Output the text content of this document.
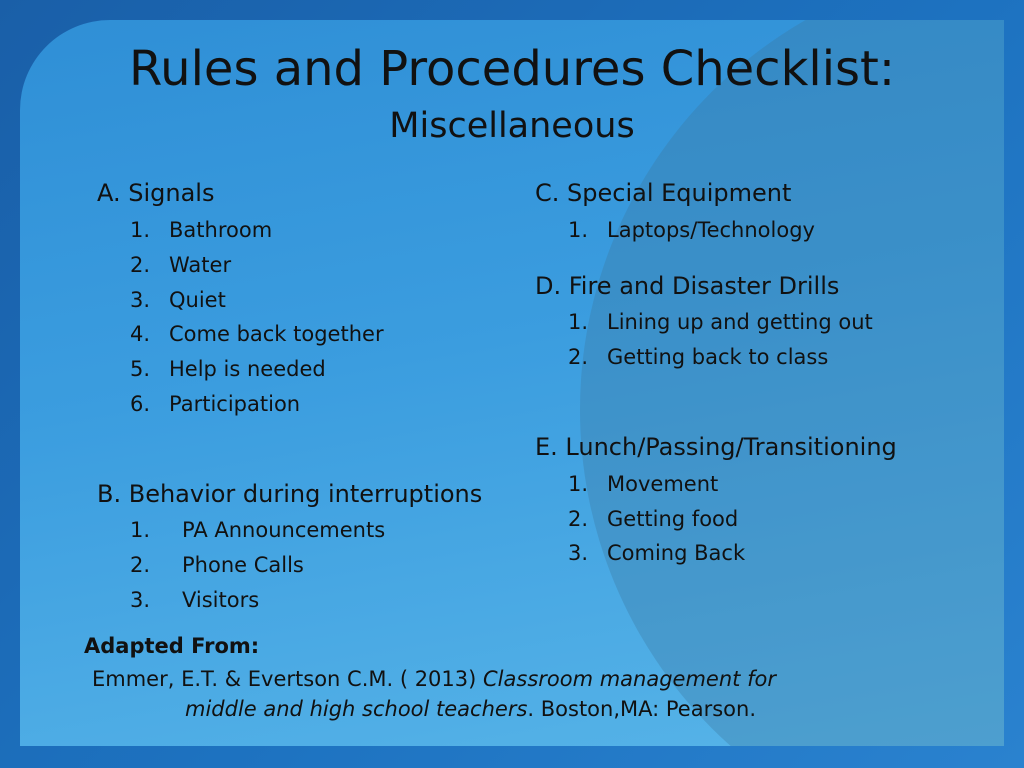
Rules and Procedures Checklist:
Miscellaneous
A. Signals
1. Bathroom
2. Water
3. Quiet
4. Come back together
5. Help is needed
6. Participation
B. Behavior during interruptions
1. PA Announcements
2. Phone Calls
3. Visitors
C. Special Equipment
1. Laptops/Technology
D. Fire and Disaster Drills
1. Lining up and getting out
2. Getting back to class
E. Lunch/Passing/Transitioning
1. Movement
2. Getting food
3. Coming Back
Adapted From:
Emmer, E.T. & Evertson C.M. ( 2013) Classroom management for
middle and high school teachers. Boston,MA: Pearson.
